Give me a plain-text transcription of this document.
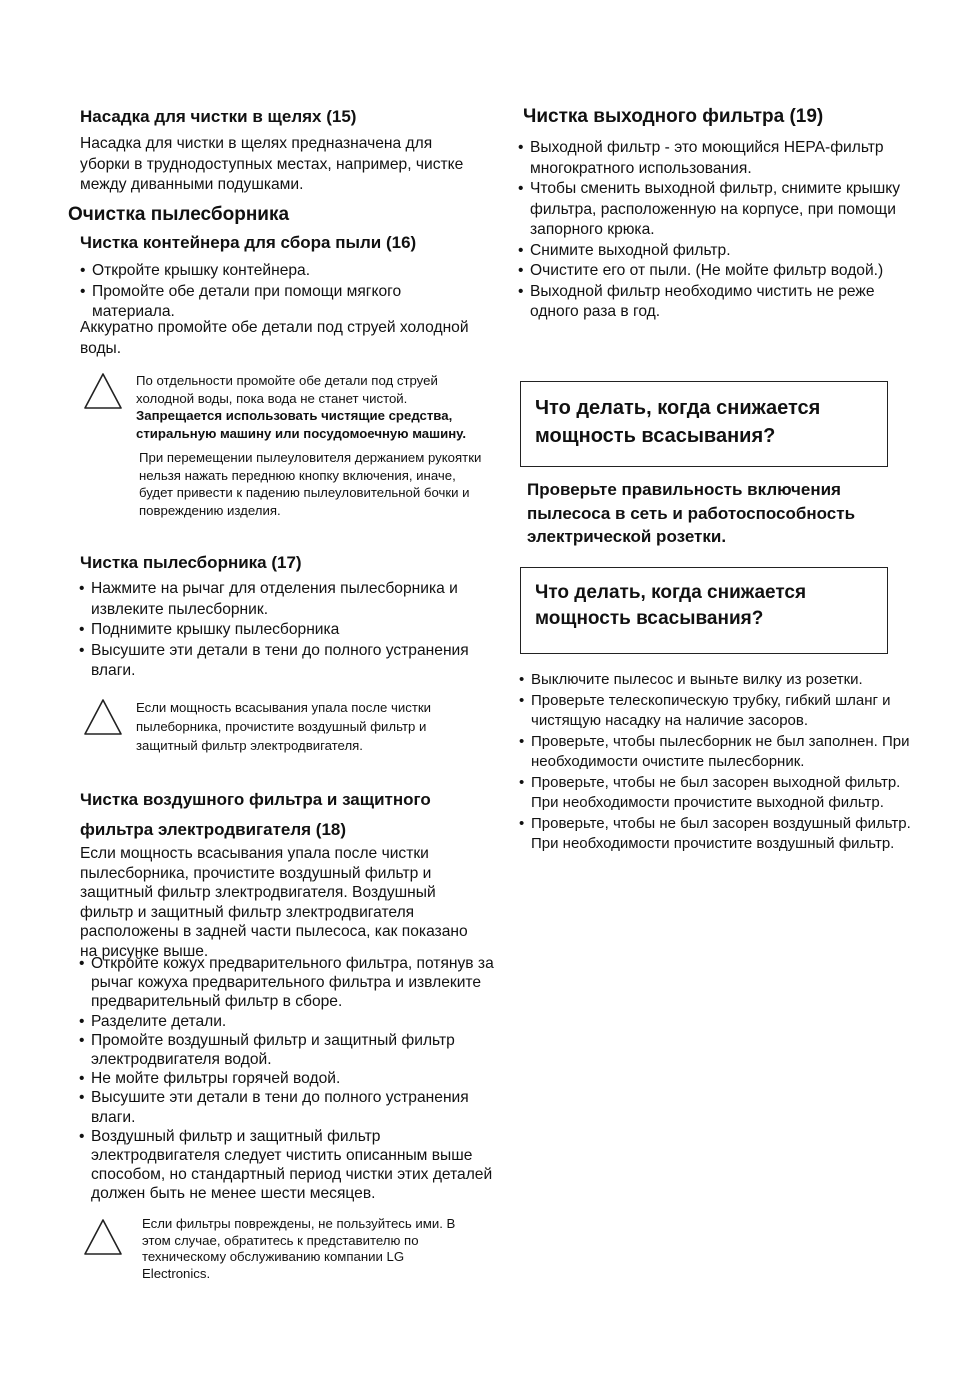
Насадка для чистки в щелях (15)
Насадка для чистки в щелях предназначена для уборки в труднодоступных местах, например, чистке между диванными подушками.
Очистка пылесборника
Чистка контейнера для сбора пыли (16)
• Откройте крышку контейнера.
• Промойте обе детали при помощи мягкого материала.
Аккуратно промойте обе детали под струей холодной воды.
По отдельности промойте обе детали под струей холодной воды, пока вода не станет чистой.
Запрещается использовать чистящие средства, стиральную машину или посудомоечную машину.
При перемещении пылеуловителя держанием рукоятки нельзя нажать переднюю кнопку включения, иначе, будет привести к падению пылеуловительной бочки и повреждению изделия.
Чистка пылесборника (17)
• Нажмите на рычаг для отделения пылесборника и извлеките пылесборник.
• Поднимите крышку пылесборника
• Высушите эти детали в тени до полного устранения влаги.
Если мощность всасывания упала после чистки пылеборника, прочистите воздушный фильтр и защитный фильтр электродвигателя.
Чистка воздушного фильтра и защитного
фильтра электродвигателя (18)
Если мощность всасывания упала после чистки пылесборника, прочистите воздушный фильтр и защитный фильтр злектродвигателя. Воздушный фильтр и защитный фильтр злектродвигателя расположены в задней части пылесоса, как показано на рисунке выше.
• Откройте кожух предварительного фильтра, потянув за рычаг кожуха предварительного фильтра и извлеките предварительный фильтр в сборе.
• Разделите детали.
• Промойте воздушный фильтр и защитный фильтр электродвигателя водой.
• Не мойте фильтры горячей водой.
• Высушите эти детали в тени до полного устранения влаги.
• Воздушный фильтр и защитный фильтр электродвигателя следует чистить описанным выше способом, но стандартный период чистки этих деталей должен быть не менее шести месяцев.
Если фильтры повреждены, не пользуйтесь ими. В этом случае, обратитесь к представителю по техническому обслуживанию компании LG Electronics.
Чистка выходного фильтра (19)
• Выходной фильтр - это моющийся HEPA-фильтр многократного использования.
• Чтобы сменить выходной фильтр, снимите крышку фильтра, расположенную на корпусе, при помощи запорного крюка.
• Снимите выходной фильтр.
• Очистите его от пыли. (Не мойте фильтр водой.)
• Выходной фильтр необходимо чистить не реже одного раза в год.
Что делать, когда снижается мощность всасывания?
Проверьте правильность включения пылесоса в сеть и работоспособность электрической розетки.
Что делать, когда снижается мощность всасывания?
• Выключите пылесос и выньте вилку из розетки.
• Проверьте телескопическую трубку, гибкий шланг и чистящую насадку на наличие засоров.
• Проверьте, чтобы пылесборник не был заполнен. При необходимости очистите пылесборник.
• Проверьте, чтобы не был засорен выходной фильтр. При необходимости прочистите выходной фильтр.
• Проверьте, чтобы не был засорен воздушный фильтр. При необходимости прочистите воздушный фильтр.
